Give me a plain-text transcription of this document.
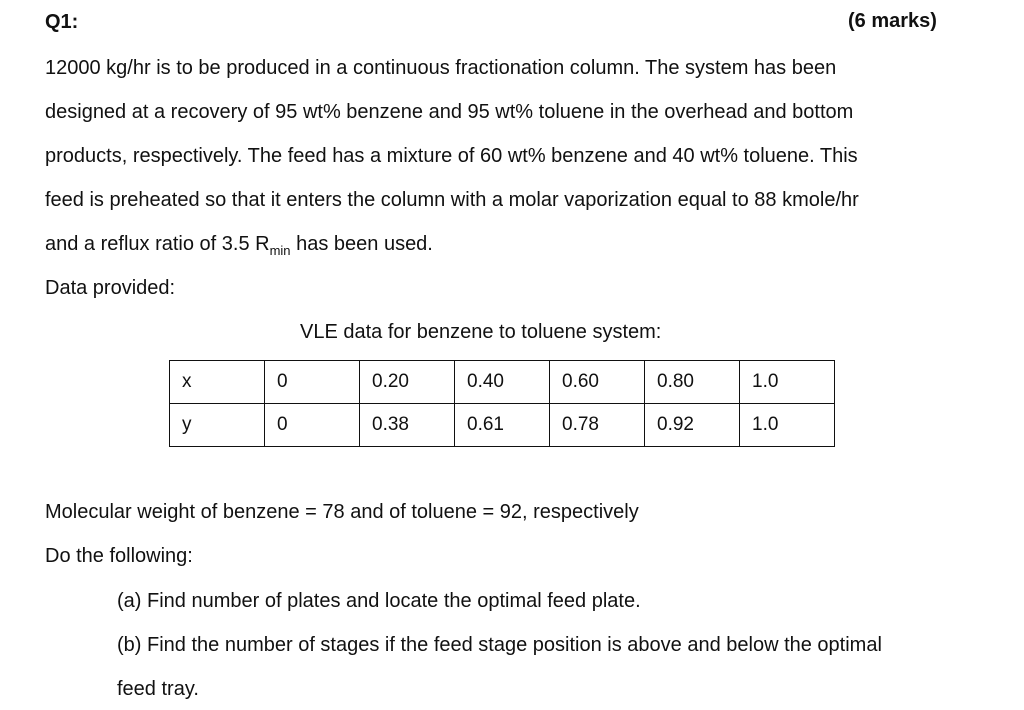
Q1:	(6 marks)
12000 kg/hr is to be produced in a continuous fractionation column. The system has been
designed at a recovery of 95 wt% benzene and 95 wt% toluene in the overhead and bottom
products, respectively. The feed has a mixture of 60 wt% benzene and 40 wt% toluene. This
feed is preheated so that it enters the column with a molar vaporization equal to 88 kmole/hr
and a reflux ratio of 3.5 $R_{min}$ has been used.
Data provided:
VLE data for benzene to toluene system:
x	0	0.20	0.40	0.60	0.80	1.0
y	0	0.38	0.61	0.78	0.92	1.0
Molecular weight of benzene = 78 and of toluene = 92, respectively
Do the following:
(a) Find number of plates and locate the optimal feed plate.
(b) Find the number of stages if the feed stage position is above and below the optimal
feed tray.
